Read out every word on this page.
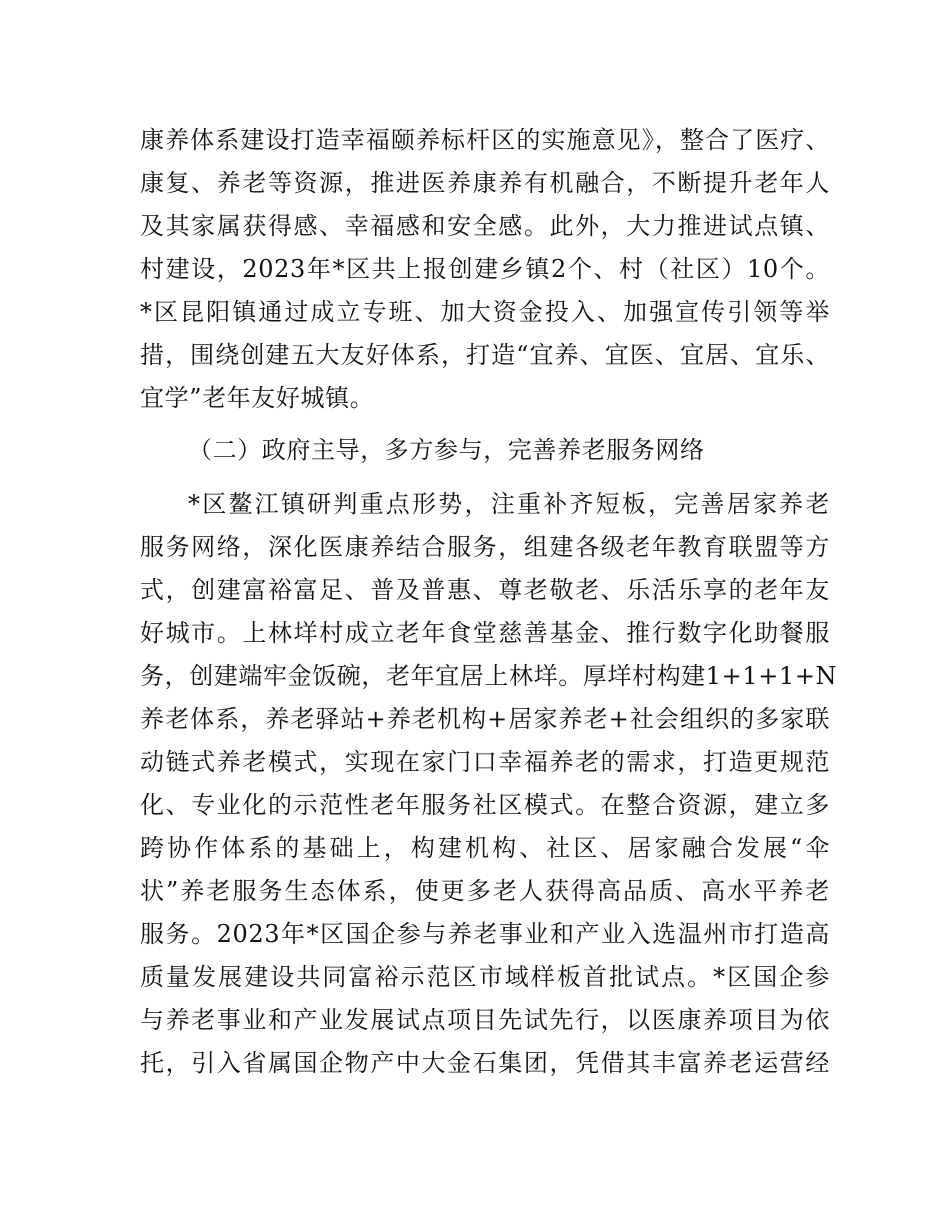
康养体系建设打造幸福颐养标杆区的实施意见》，整合了医疗、
康复、养老等资源，推进医养康养有机融合，不断提升老年人
及其家属获得感、幸福感和安全感。此外，大力推进试点镇、
村建设，2023年*区共上报创建乡镇2个、村（社区）10个。
*区昆阳镇通过成立专班、加大资金投入、加强宣传引领等举
措，围绕创建五大友好体系，打造“宜养、宜医、宜居、宜乐、
宜学”老年友好城镇。
（二）政府主导，多方参与，完善养老服务网络
*区鳌江镇研判重点形势，注重补齐短板，完善居家养老
服务网络，深化医康养结合服务，组建各级老年教育联盟等方
式，创建富裕富足、普及普惠、尊老敬老、乐活乐享的老年友
好城市。上林垟村成立老年食堂慈善基金、推行数字化助餐服
务，创建端牢金饭碗，老年宜居上林垟。厚垟村构建1+1+1+N
养老体系，养老驿站+养老机构+居家养老+社会组织的多家联
动链式养老模式，实现在家门口幸福养老的需求，打造更规范
化、专业化的示范性老年服务社区模式。在整合资源，建立多
跨协作体系的基础上，构建机构、社区、居家融合发展“伞
状”养老服务生态体系，使更多老人获得高品质、高水平养老
服务。2023年*区国企参与养老事业和产业入选温州市打造高
质量发展建设共同富裕示范区市域样板首批试点。*区国企参
与养老事业和产业发展试点项目先试先行，以医康养项目为依
托，引入省属国企物产中大金石集团，凭借其丰富养老运营经
